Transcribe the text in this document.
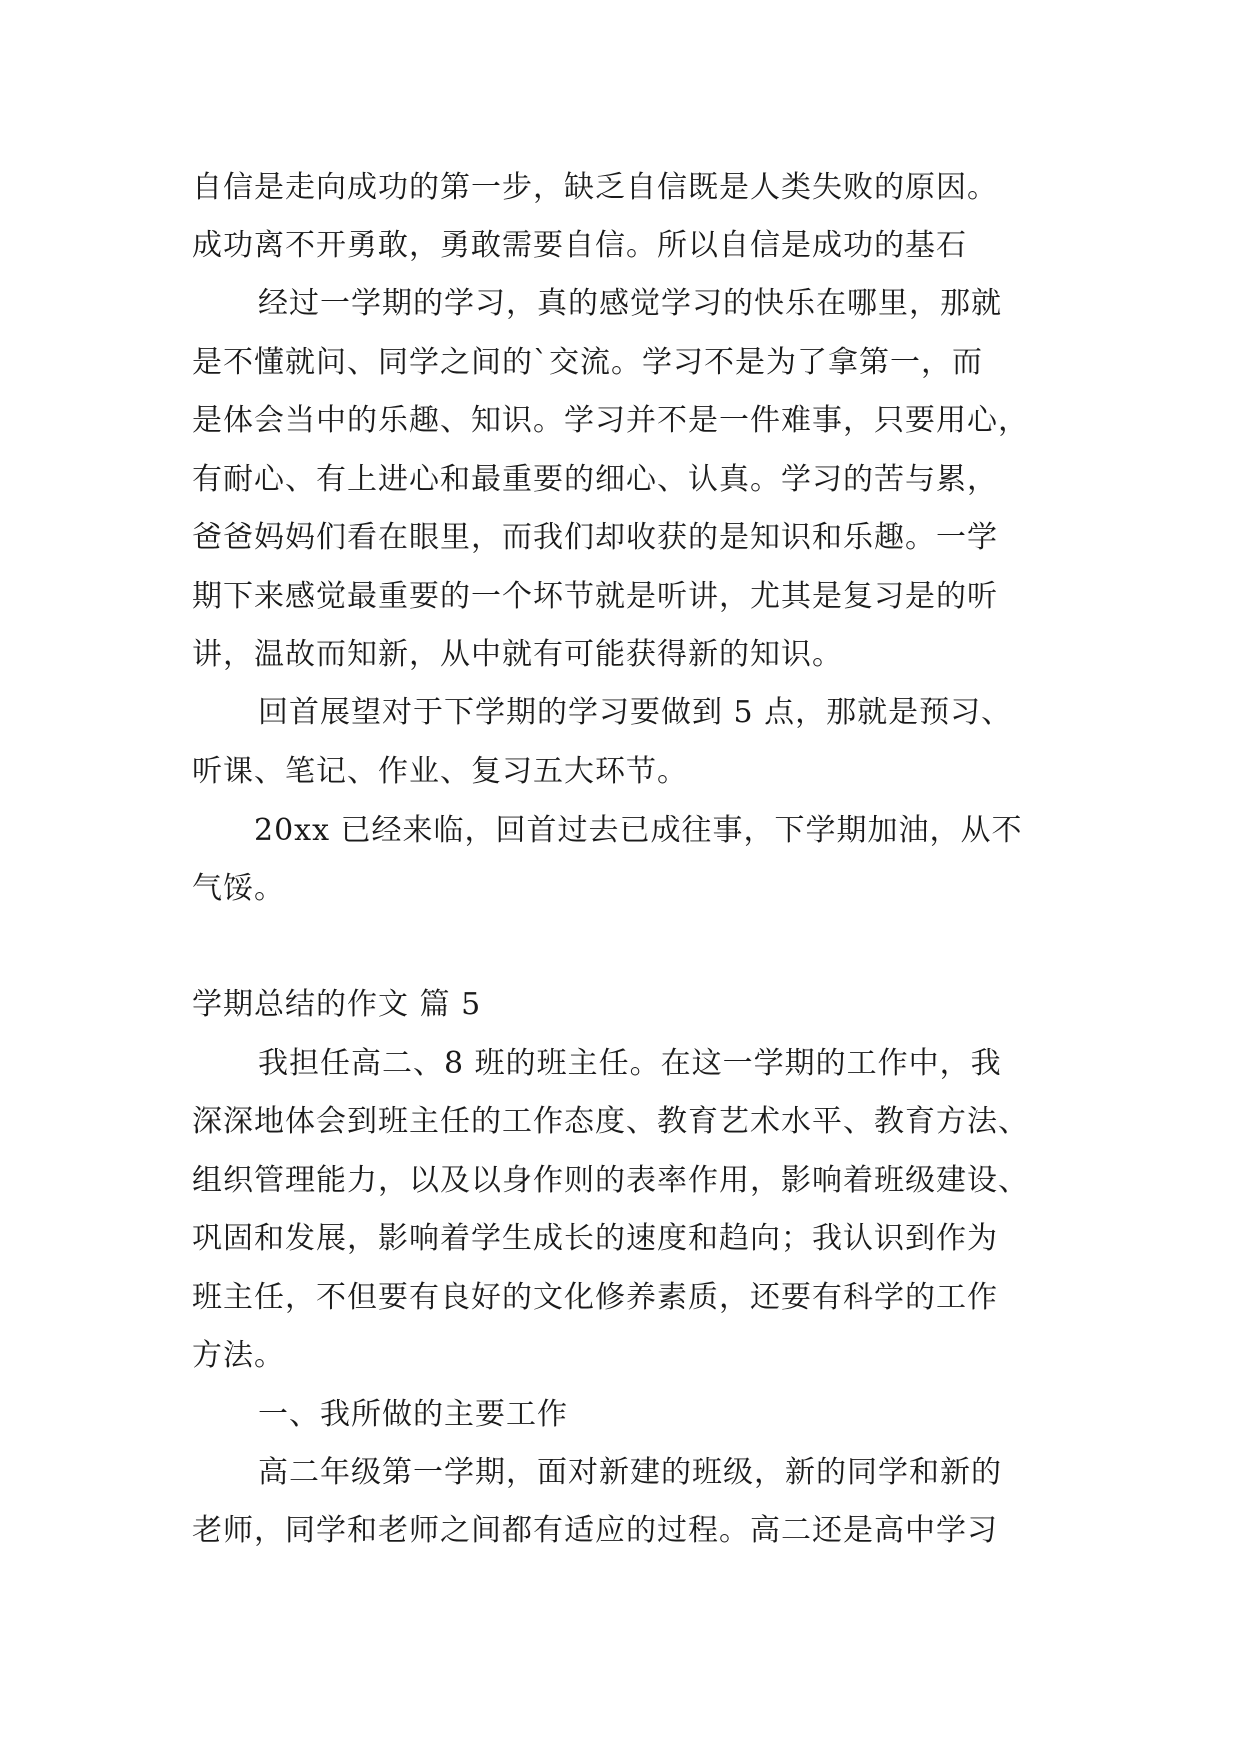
自信是走向成功的第一步，缺乏自信既是人类失败的原因。
成功离不开勇敢，勇敢需要自信。所以自信是成功的基石
经过一学期的学习，真的感觉学习的快乐在哪里，那就
是不懂就问、同学之间的`交流。学习不是为了拿第一，而
是体会当中的乐趣、知识。学习并不是一件难事，只要用心，
有耐心、有上进心和最重要的细心、认真。学习的苦与累，
爸爸妈妈们看在眼里，而我们却收获的是知识和乐趣。一学
期下来感觉最重要的一个坏节就是听讲，尤其是复习是的听
讲，温故而知新，从中就有可能获得新的知识。
回首展望对于下学期的学习要做到 5 点，那就是预习、
听课、笔记、作业、复习五大环节。
20xx 已经来临，回首过去已成往事，下学期加油，从不
气馁。
学期总结的作文 篇 5
我担任高二、8 班的班主任。在这一学期的工作中，我
深深地体会到班主任的工作态度、教育艺术水平、教育方法、
组织管理能力，以及以身作则的表率作用，影响着班级建设、
巩固和发展，影响着学生成长的速度和趋向；我认识到作为
班主任，不但要有良好的文化修养素质，还要有科学的工作
方法。
一、我所做的主要工作
高二年级第一学期，面对新建的班级，新的同学和新的
老师，同学和老师之间都有适应的过程。高二还是高中学习
